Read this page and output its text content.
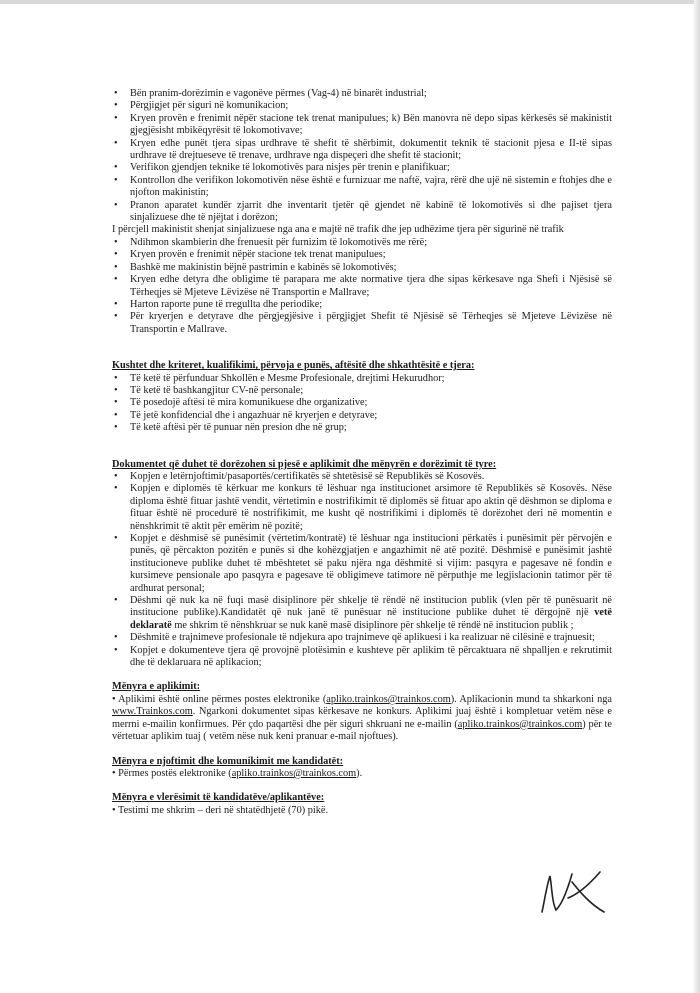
• Bën pranim-dorëzimin e vagonëve përmes (Vag-4) në binarët industrial;
• Përgjigjet për siguri në komunikacion;
• Kryen provën e frenimit nëpër stacione tek trenat manipulues; k) Bën manovra në depo sipas kërkesës së makinistit gjegjësisht mbikëqyrësit të lokomotivave;
• Kryen edhe punët tjera sipas urdhrave të shefit të shërbimit, dokumentit teknik të stacionit pjesa e II-të sipas urdhrave të drejtueseve të trenave, urdhrave nga dispeçeri dhe shefit të stacionit;
• Verifikon gjendjen teknike të lokomotivës para nisjes për trenin e planifikuar;
• Kontrollon dhe verifikon lokomotivën nëse është e furnizuar me naftë, vajra, rërë dhe ujë në sistemin e ftohjes dhe e njofton makinistin;
• Pranon aparatet kundër zjarrit dhe inventarit tjetër që gjendet në kabinë të lokomotivës si dhe pajiset tjera sinjalizuese dhe të njëjtat i dorëzon;
I përcjell makinistit shenjat sinjalizuese nga ana e majtë në trafik dhe jep udhëzime tjera për sigurinë në trafik
• Ndihmon skambierin dhe frenuesit për furnizim të lokomotivës me rërë;
• Kryen provën e frenimit nëpër stacione tek trenat manipulues;
• Bashkë me makinistin bëjnë pastrimin e kabinës së lokomotivës;
• Kryen edhe detyra dhe obligime të parapara me akte normative tjera dhe sipas kërkesave nga Shefi i Njësisë së Tërheqjes së Mjeteve Lëvizëse në Transportin e Mallrave;
• Harton raporte pune të rregullta dhe periodike;
• Për kryerjen e detyrave dhe përgjegjësive i përgjigjet Shefit të Njësisë së Tërheqjes së Mjeteve Lëvizëse në Transportin e Mallrave.
Kushtet dhe kriteret, kualifikimi, përvoja e punës, aftësitë dhe shkathtësitë e tjera:
• Të ketë të përfunduar Shkollën e Mesme Profesionale, drejtimi Hekurudhor;
• Të ketë të bashkangjitur CV-në personale;
• Të posedojë aftësi të mira komunikuese dhe organizative;
• Të jetë konfidencial dhe i angazhuar në kryerjen e detyrave;
• Të ketë aftësi për të punuar nën presion dhe në grup;
Dokumentet që duhet të dorëzohen si pjesë e aplikimit dhe mënyrën e dorëzimit të tyre:
• Kopjen e letërnjoftimit/pasaportës/certifikatës së shtetësisë së Republikës së Kosovës.
• Kopjen e diplomës të kërkuar me konkurs të lëshuar nga institucionet arsimore të Republikës së Kosovës. Nëse diploma është fituar jashtë vendit, vërtetimin e nostrifikimit të diplomës së fituar apo aktin që dëshmon se diploma e fituar është në procedurë të nostrifikimit, me kusht që nostrifikimi i diplomës të dorëzohet deri në momentin e nënshkrimit të aktit për emërim në pozitë;
• Kopjet e dëshmisë së punësimit (vërtetim/kontratë) të lëshuar nga institucioni përkatës i punësimit për përvojën e punës, që përcakton pozitën e punës si dhe kohëzgjatjen e angazhimit në atë pozitë. Dëshmisë e punësimit jashtë institucioneve publike duhet të mbështetet së paku njëra nga dëshmitë si vijim: pasqyra e pagesave në fondin e kursimeve pensionale apo pasqyra e pagesave të obligimeve tatimore në përputhje me legjislacionin tatimor për të ardhurat personal;
• Dëshmi që nuk ka në fuqi masë disiplinore për shkelje të rëndë në institucion publik (vlen për të punësuarit në institucione publike).Kandidatët që nuk janë të punësuar në institucione publike duhet të dërgojnë një vetë deklaratë me shkrim të nënshkruar se nuk kanë masë disiplinore për shkelje të rëndë në institucion publik ;
• Dëshmitë e trajnimeve profesionale të ndjekura apo trajnimeve që aplikuesi i ka realizuar në cilësinë e trajnuesit;
• Kopjet e dokumenteve tjera që provojnë plotësimin e kushteve për aplikim të përcaktuara në shpalljen e rekrutimit dhe të deklaruara në aplikacion;
Mënyra e aplikimit:
• Aplikimi është online përmes postes elektronike (apliko.trainkos@trainkos.com). Aplikacionin mund ta shkarkoni nga www.Trainkos.com. Ngarkoni dokumentet sipas kërkesave ne konkurs. Aplikimi juaj është i kompletuar vetëm nëse e merrni e-mailin konfirmues. Për çdo paqartësi dhe për siguri shkruani ne e-mailin (apliko.trainkos@trainkos.com) për te vërtetuar aplikim tuaj ( vetëm nëse nuk keni pranuar e-mail njoftues).
Mënyra e njoftimit dhe komunikimit me kandidatët:
• Përmes postës elektronike (apliko.trainkos@trainkos.com).
Mënyra e vlerësimit të kandidatëve/aplikantëve:
• Testimi me shkrim – deri në shtatëdhjetë (70) pikë.
